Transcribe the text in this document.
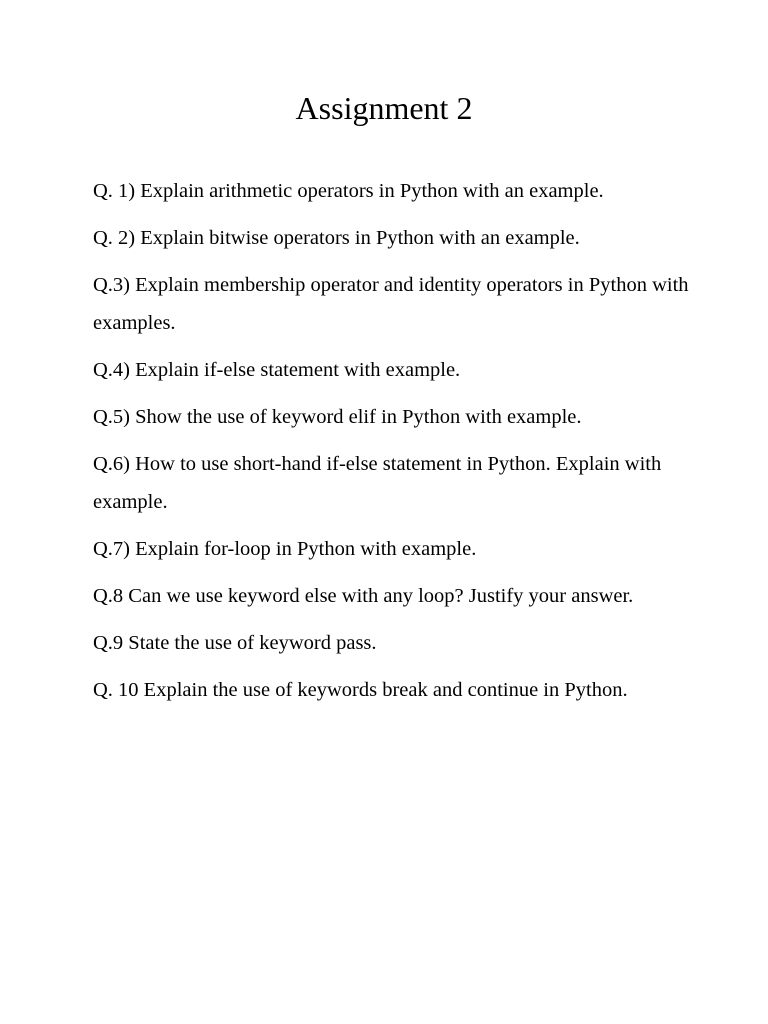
Assignment 2
Q. 1) Explain arithmetic operators in Python with an example.
Q. 2) Explain bitwise operators in Python with an example.
Q.3) Explain membership operator and identity operators in Python with examples.
Q.4) Explain if-else statement with example.
Q.5) Show the use of keyword elif in Python with example.
Q.6) How to use short-hand if-else statement in Python. Explain with example.
Q.7) Explain for-loop in Python with example.
Q.8 Can we use keyword else with any loop? Justify your answer.
Q.9 State the use of keyword pass.
Q. 10 Explain the use of keywords break and continue in Python.
